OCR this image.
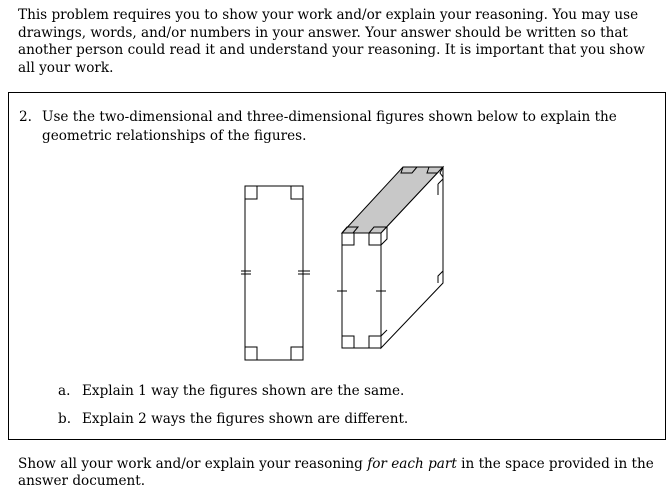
This problem requires you to show your work and/or explain your reasoning. You may use drawings, words, and/or numbers in your answer. Your answer should be written so that another person could read it and understand your reasoning. It is important that you show all your work.

2. Use the two-dimensional and three-dimensional figures shown below to explain the geometric relationships of the figures.

a. Explain 1 way the figures shown are the same.
b. Explain 2 ways the figures shown are different.

Show all your work and/or explain your reasoning for each part in the space provided in the answer document.
